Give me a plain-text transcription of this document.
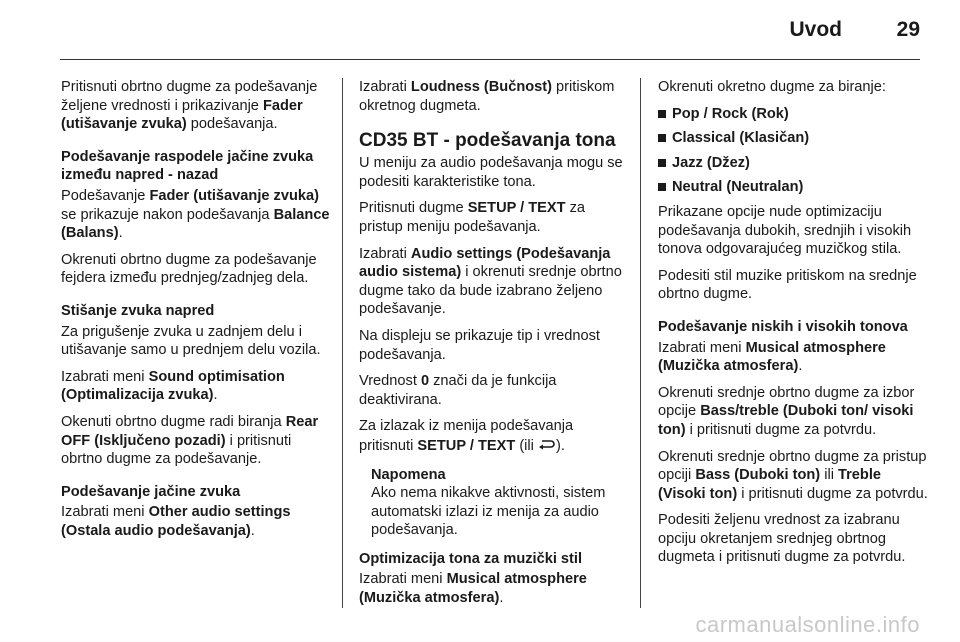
Uvod	29

Pritisnuti obrtno dugme za podešavanje željene vrednosti i prikazivanje Fader (utišavanje zvuka) podešavanja.

Podešavanje raspodele jačine zvuka između napred - nazad

Podešavanje Fader (utišavanje zvuka) se prikazuje nakon podešavanja Balance (Balans).

Okrenuti obrtno dugme za podešavanje fejdera između prednjeg/zadnjeg dela.

Stišanje zvuka napred

Za prigušenje zvuka u zadnjem delu i utišavanje samo u prednjem delu vozila.

Izabrati meni Sound optimisation (Optimalizacija zvuka).

Okenuti obrtno dugme radi biranja Rear OFF (Isključeno pozadi) i pritisnuti obrtno dugme za podešavanje.

Podešavanje jačine zvuka

Izabrati meni Other audio settings (Ostala audio podešavanja).

Izabrati Loudness (Bučnost) pritiskom okretnog dugmeta.

CD35 BT - podešavanja tona

U meniju za audio podešavanja mogu se podesiti karakteristike tona.

Pritisnuti dugme SETUP / TEXT za pristup meniju podešavanja.

Izabrati Audio settings (Podešavanja audio sistema) i okrenuti srednje obrtno dugme tako da bude izabrano željeno podešavanje.

Na displeju se prikazuje tip i vrednost podešavanja.

Vrednost 0 znači da je funkcija deaktivirana.

Za izlazak iz menija podešavanja pritisnuti SETUP / TEXT (ili ).

Napomena
Ako nema nikakve aktivnosti, sistem automatski izlazi iz menija za audio podešavanja.

Optimizacija tona za muzički stil

Izabrati meni Musical atmosphere (Muzička atmosfera).

Okrenuti okretno dugme za biranje:

Pop / Rock (Rok)
Classical (Klasičan)
Jazz (Džez)
Neutral (Neutralan)

Prikazane opcije nude optimizaciju podešavanja dubokih, srednjih i visokih tonova odgovarajućeg muzičkog stila.

Podesiti stil muzike pritiskom na srednje obrtno dugme.

Podešavanje niskih i visokih tonova

Izabrati meni Musical atmosphere (Muzička atmosfera).

Okrenuti srednje obrtno dugme za izbor opcije Bass/treble (Duboki ton/ visoki ton) i pritisnuti dugme za potvrdu.

Okrenuti srednje obrtno dugme za pristup opciji Bass (Duboki ton) ili Treble (Visoki ton) i pritisnuti dugme za potvrdu.

Podesiti željenu vrednost za izabranu opciju okretanjem srednjeg obrtnog dugmeta i pritisnuti dugme za potvrdu.

carmanualsonline.info
